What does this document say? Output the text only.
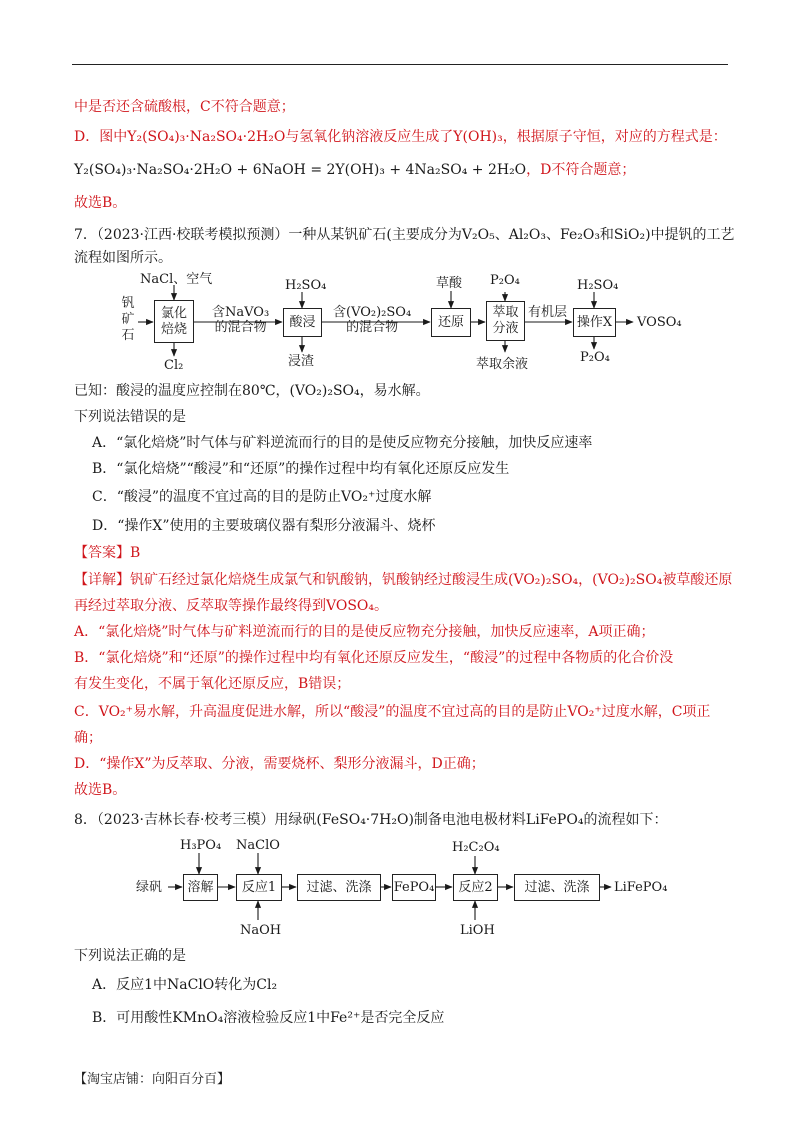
中是否还含硫酸根，C不符合题意；
D．图中Y₂(SO₄)₃·Na₂SO₄·2H₂O与氢氧化钠溶液反应生成了Y(OH)₃，根据原子守恒，对应的方程式是：
Y₂(SO₄)₃·Na₂SO₄·2H₂O + 6NaOH = 2Y(OH)₃ + 4Na₂SO₄ + 2H₂O，D不符合题意；
故选B。
7．（2023·江西·校联考模拟预测）一种从某钒矿石(主要成分为V₂O₅、Al₂O₃、Fe₂O₃和SiO₂)中提钒的工艺
流程如图所示。
NaCl、空气
钒
矿
石
氯化
焙烧
Cl₂
含NaVO₃
的混合物
H₂SO₄
酸浸
浸渣
含(VO₂)₂SO₄
的混合物
草酸
还原
P₂O₄
萃取
分液
萃取余液
有机层
H₂SO₄
操作X
P₂O₄
VOSO₄
已知：酸浸的温度应控制在80℃，(VO₂)₂SO₄，易水解。
下列说法错误的是
A．“氯化焙烧”时气体与矿料逆流而行的目的是使反应物充分接触，加快反应速率
B．“氯化焙烧”“酸浸”和“还原”的操作过程中均有氧化还原反应发生
C．“酸浸”的温度不宜过高的目的是防止VO₂⁺过度水解
D．“操作X”使用的主要玻璃仪器有梨形分液漏斗、烧杯
【答案】B
【详解】钒矿石经过氯化焙烧生成氯气和钒酸钠，钒酸钠经过酸浸生成(VO₂)₂SO₄，(VO₂)₂SO₄被草酸还原
再经过萃取分液、反萃取等操作最终得到VOSO₄。
A．“氯化焙烧”时气体与矿料逆流而行的目的是使反应物充分接触，加快反应速率，A项正确；
B．“氯化焙烧”和“还原”的操作过程中均有氧化还原反应发生，“酸浸”的过程中各物质的化合价没
有发生变化，不属于氧化还原反应，B错误；
C．VO₂⁺易水解，升高温度促进水解，所以“酸浸”的温度不宜过高的目的是防止VO₂⁺过度水解，C项正
确；
D．“操作X”为反萃取、分液，需要烧杯、梨形分液漏斗，D正确；
故选B。
8．（2023·吉林长春·校考三模）用绿矾(FeSO₄·7H₂O)制备电池电极材料LiFePO₄的流程如下：
绿矾
H₃PO₄
溶解
NaClO
反应1
NaOH
过滤、洗涤	FePO₄
H₂C₂O₄
反应2
LiOH
过滤、洗涤	LiFePO₄
下列说法正确的是
A．反应1中NaClO转化为Cl₂
B．可用酸性KMnO₄溶液检验反应1中Fe²⁺是否完全反应
【淘宝店铺：向阳百分百】
